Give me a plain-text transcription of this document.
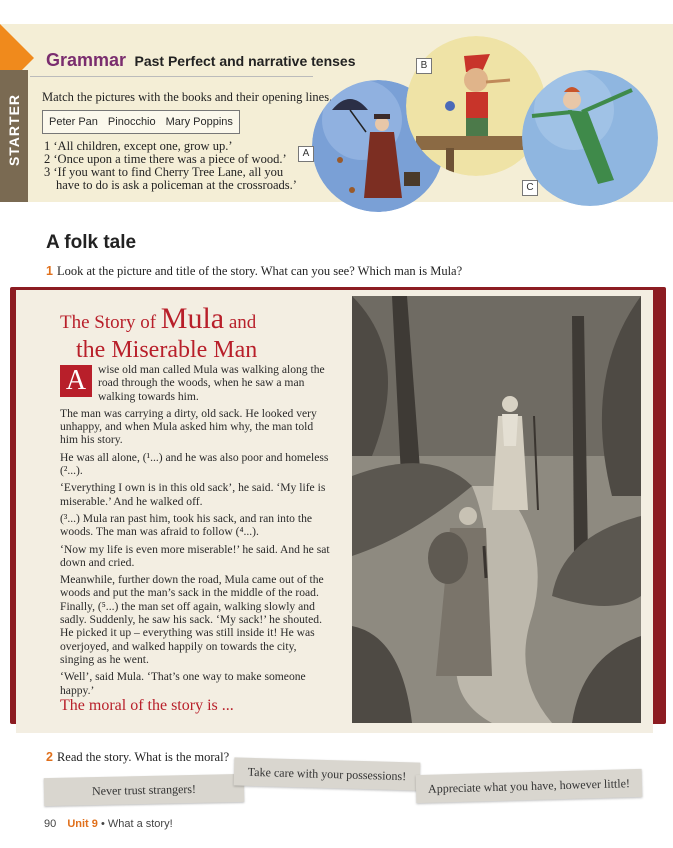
STARTER
Grammar Past Perfect and narrative tenses
Match the pictures with the books and their opening lines.
Peter Pan Pinocchio Mary Poppins
1 ‘All children, except one, grow up.’
2 ‘Once upon a time there was a piece of wood.’
3 ‘If you want to find Cherry Tree Lane, all you
have to do is ask a policeman at the crossroads.’
A
B
C
A folk tale
1 Look at the picture and title of the story. What can you see? Which man is Mula?
The Story of Mula and
the Miserable Man

A	wise old man called Mula was walking along the road through the woods, when he saw a man walking towards him.

The man was carrying a dirty, old sack. He looked very unhappy, and when Mula asked him why, the man told him his story.

He was all alone, (¹...) and he was also poor and homeless (²...).

‘Everything I own is in this old sack’, he said. ‘My life is miserable.’ And he walked off.

(³...) Mula ran past him, took his sack, and ran into the woods. The man was afraid to follow (⁴...).

‘Now my life is even more miserable!’ he said. And he sat down and cried.

Meanwhile, further down the road, Mula came out of the woods and put the man’s sack in the middle of the road. Finally, (⁵...) the man set off again, walking slowly and sadly. Suddenly, he saw his sack. ‘My sack!’ he shouted. He picked it up – everything was still inside it! He was overjoyed, and walked happily on towards the city, singing as he went.

‘Well’, said Mula. ‘That’s one way to make someone happy.’

The moral of the story is ...
2 Read the story. What is the moral?
Never trust strangers!
Take care with your possessions!
Appreciate what you have, however little!
90 Unit 9 • What a story!
